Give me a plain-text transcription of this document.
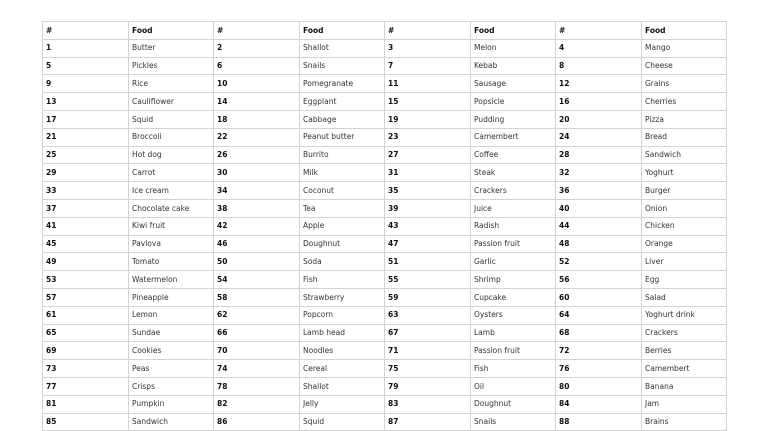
#	Food	#	Food	#	Food	#	Food
1	Butter	2	Shallot	3	Melon	4	Mango
5	Pickles	6	Snails	7	Kebab	8	Cheese
9	Rice	10	Pomegranate	11	Sausage	12	Grains
13	Cauliflower	14	Eggplant	15	Popsicle	16	Cherries
17	Squid	18	Cabbage	19	Pudding	20	Pizza
21	Broccoli	22	Peanut butter	23	Camembert	24	Bread
25	Hot dog	26	Burrito	27	Coffee	28	Sandwich
29	Carrot	30	Milk	31	Steak	32	Yoghurt
33	Ice cream	34	Coconut	35	Crackers	36	Burger
37	Chocolate cake	38	Tea	39	Juice	40	Onion
41	Kiwi fruit	42	Apple	43	Radish	44	Chicken
45	Pavlova	46	Doughnut	47	Passion fruit	48	Orange
49	Tomato	50	Soda	51	Garlic	52	Liver
53	Watermelon	54	Fish	55	Shrimp	56	Egg
57	Pineapple	58	Strawberry	59	Cupcake	60	Salad
61	Lemon	62	Popcorn	63	Oysters	64	Yoghurt drink
65	Sundae	66	Lamb head	67	Lamb	68	Crackers
69	Cookies	70	Noodles	71	Passion fruit	72	Berries
73	Peas	74	Cereal	75	Fish	76	Camembert
77	Crisps	78	Shallot	79	Oil	80	Banana
81	Pumpkin	82	Jelly	83	Doughnut	84	Jam
85	Sandwich	86	Squid	87	Snails	88	Brains
